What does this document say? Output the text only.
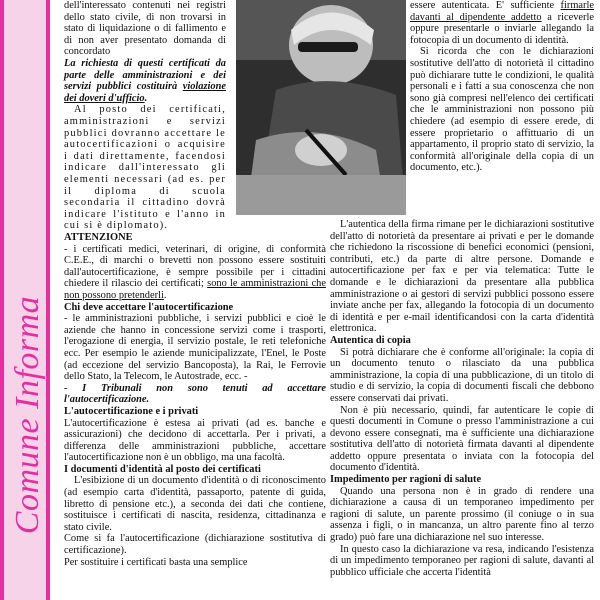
Comune Informa

dell'interessato contenuti nei registri dello stato civile, di non trovarsi in stato di liquidazione o di fallimento e di non aver presentato domanda di concordato

La richiesta di questi certificati da parte delle amministrazioni e dei servizi pubblici costituirà violazione dei doveri d'ufficio.

Al posto dei certificati, amministrazioni e servizi pubblici dovranno accettare le autocertificazioni o acquisire i dati direttamente, facendosi indicare dall'interessato gli elementi necessari (ad es. per il diploma di scuola secondaria il cittadino dovrà indicare l'istituto e l'anno in cui si è diplomato).

ATTENZIONE

- i certificati medici, veterinari, di origine, di conformità C.E.E., di marchi o brevetti non possono essere sostituiti dall'autocertificazione, è sempre possibile per i cittadini chiedere il rilascio dei certificati; sono le amministrazioni che non possono pretenderli.

Chi deve accettare l'autocertificazione

- le amministrazioni pubbliche, i servizi pubblici e cioè le aziende che hanno in concessione servizi come i trasporti, l'erogazione di energia, il servizio postale, le reti telefoniche ecc. Per esempio le aziende municipalizzate, l'Enel, le Poste (ad eccezione del servizio Bancoposta), la Rai, le Ferrovie dello Stato, la Telecom, le Autostrade, ecc. -

- I Tribunali non sono tenuti ad accettare l'autocertificazione.

L'autocertificazione e i privati

L'autocertificazione è estesa ai privati (ad es. banche e assicurazioni) che decidono di accettarla. Per i privati, a differenza delle amministrazioni pubbliche, accettare l'autocertificazione non è un obbligo, ma una facoltà.

I documenti d'identità al posto dei certificati

L'esibizione di un documento d'identità o di riconoscimento (ad esempio carta d'identità, passaporto, patente di guida, libretto di pensione etc.), a seconda dei dati che contiene, sostituisce i certificati di nascita, residenza, cittadinanza e stato civile.

Come si fa l'autocertificazione (dichiarazione sostitutiva di certificazione).

Per sostituire i certificati basta una semplice

essere autenticata. E' sufficiente firmarle davanti al dipendente addetto a riceverle oppure presentarle o inviarle allegando la fotocopia di un documento di identità.

Si ricorda che con le dichiarazioni sostitutive dell'atto di notorietà il cittadino può dichiarare tutte le condizioni, le qualità personali e i fatti a sua conoscenza che non sono già compresi nell'elenco dei certificati che le amministrazioni non possono più chiedere (ad esempio di essere erede, di essere proprietario o affittuario di un appartamento, il proprio stato di servizio, la conformità all'originale della copia di un documento, etc.).

L'autentica della firma rimane per le dichiarazioni sostitutive dell'atto di notorietà da presentare ai privati e per le domande che richiedono la riscossione di benefici economici (pensioni, contributi, etc.) da parte di altre persone. Domande e autocertificazione per fax e per via telematica: Tutte le domande e le dichiarazioni da presentare alla pubblica amministrazione o ai gestori di servizi pubblici possono essere inviate anche per fax, allegando la fotocopia di un documento di identità e per e-mail identificandosi con la carta d'identità elettronica.

Autentica di copia

Si potrà dichiarare che è conforme all'originale: la copia di un documento tenuto o rilasciato da una pubblica amministrazione, la copia di una pubblicazione, di un titolo di studio e di servizio, la copia di documenti fiscali che debbono essere conservati dai privati.

Non è più necessario, quindi, far autenticare le copie di questi documenti in Comune o presso l'amministrazione a cui devono essere consegnati, ma è sufficiente una dichiarazione sostitutiva dell'atto di notorietà firmata davanti al dipendente addetto oppure presentata o inviata con la fotocopia del documento d'identità.

Impedimento per ragioni di salute

Quando una persona non è in grado di rendere una dichiarazione a causa di un temporaneo impedimento per ragioni di salute, un parente prossimo (il coniuge o in sua assenza i figli, o in mancanza, un altro parente fino al terzo grado) può fare una dichiarazione nel suo interesse.

In questo caso la dichiarazione va resa, indicando l'esistenza di un impedimento temporaneo per ragioni di salute, davanti al pubblico ufficiale che accerta l'identità
